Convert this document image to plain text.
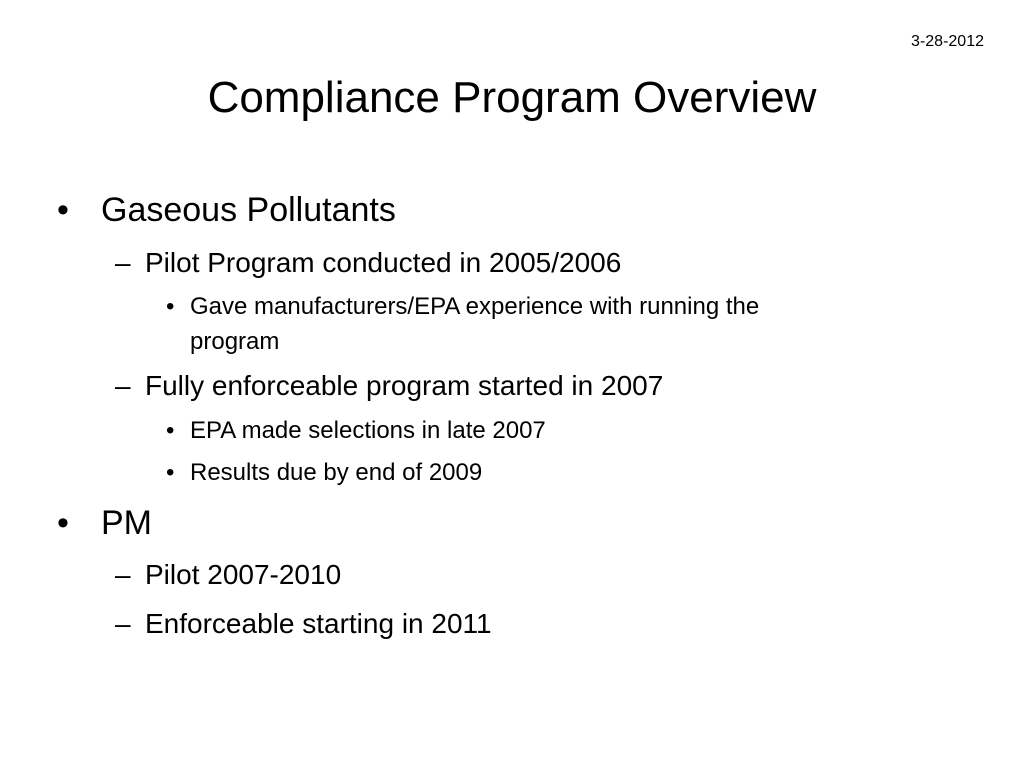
3-28-2012
Compliance Program Overview
• Gaseous Pollutants
– Pilot Program conducted in 2005/2006
• Gave manufacturers/EPA experience with running the
program
– Fully enforceable program started in 2007
• EPA made selections in late 2007
• Results due by end of 2009
• PM
– Pilot 2007-2010
– Enforceable starting in 2011
